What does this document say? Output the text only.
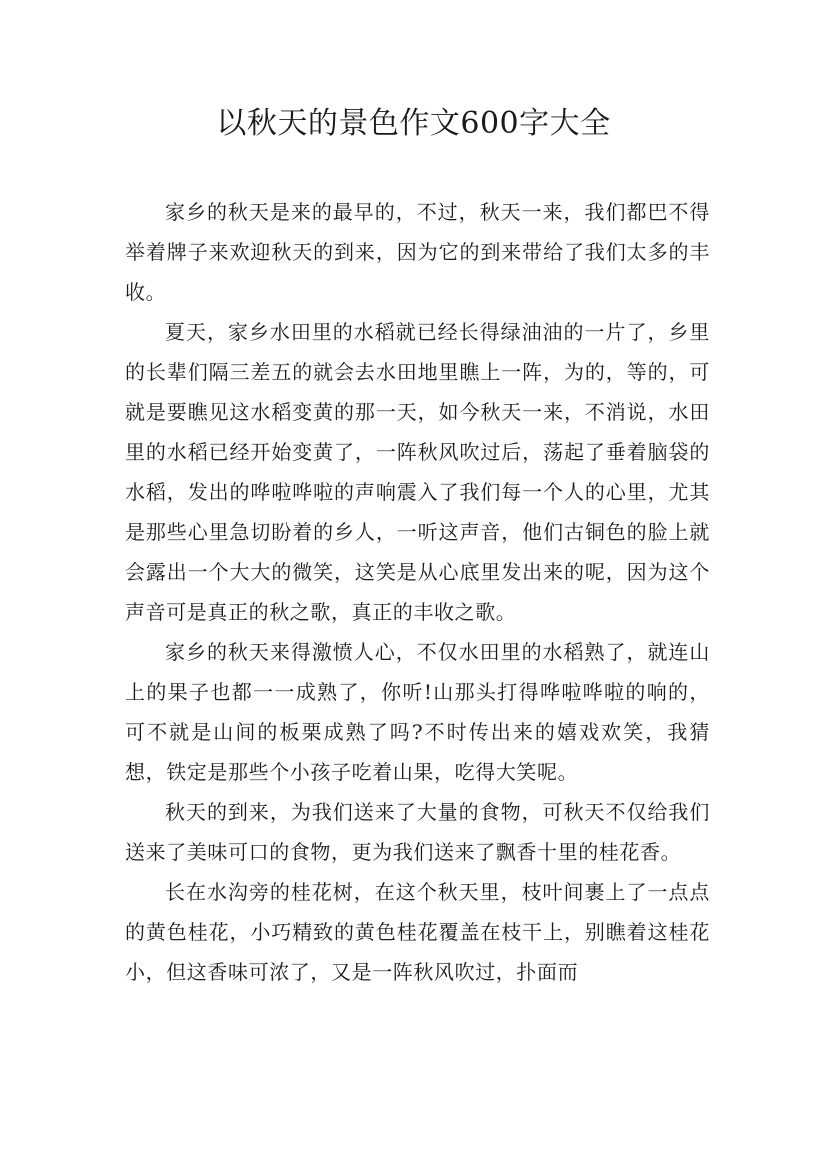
以秋天的景色作文600字大全

家乡的秋天是来的最早的，不过，秋天一来，我们都巴不得举着牌子来欢迎秋天的到来，因为它的到来带给了我们太多的丰收。

夏天，家乡水田里的水稻就已经长得绿油油的一片了，乡里的长辈们隔三差五的就会去水田地里瞧上一阵，为的，等的，可就是要瞧见这水稻变黄的那一天，如今秋天一来，不消说，水田里的水稻已经开始变黄了，一阵秋风吹过后，荡起了垂着脑袋的水稻，发出的哗啦哗啦的声响震入了我们每一个人的心里，尤其是那些心里急切盼着的乡人，一听这声音，他们古铜色的脸上就会露出一个大大的微笑，这笑是从心底里发出来的呢，因为这个声音可是真正的秋之歌，真正的丰收之歌。

家乡的秋天来得激愤人心，不仅水田里的水稻熟了，就连山上的果子也都一一成熟了，你听!山那头打得哗啦哗啦的响的，可不就是山间的板栗成熟了吗?不时传出来的嬉戏欢笑，我猜想，铁定是那些个小孩子吃着山果，吃得大笑呢。

秋天的到来，为我们送来了大量的食物，可秋天不仅给我们送来了美味可口的食物，更为我们送来了飘香十里的桂花香。

长在水沟旁的桂花树，在这个秋天里，枝叶间裹上了一点点的黄色桂花，小巧精致的黄色桂花覆盖在枝干上，别瞧着这桂花小，但这香味可浓了，又是一阵秋风吹过，扑面而
